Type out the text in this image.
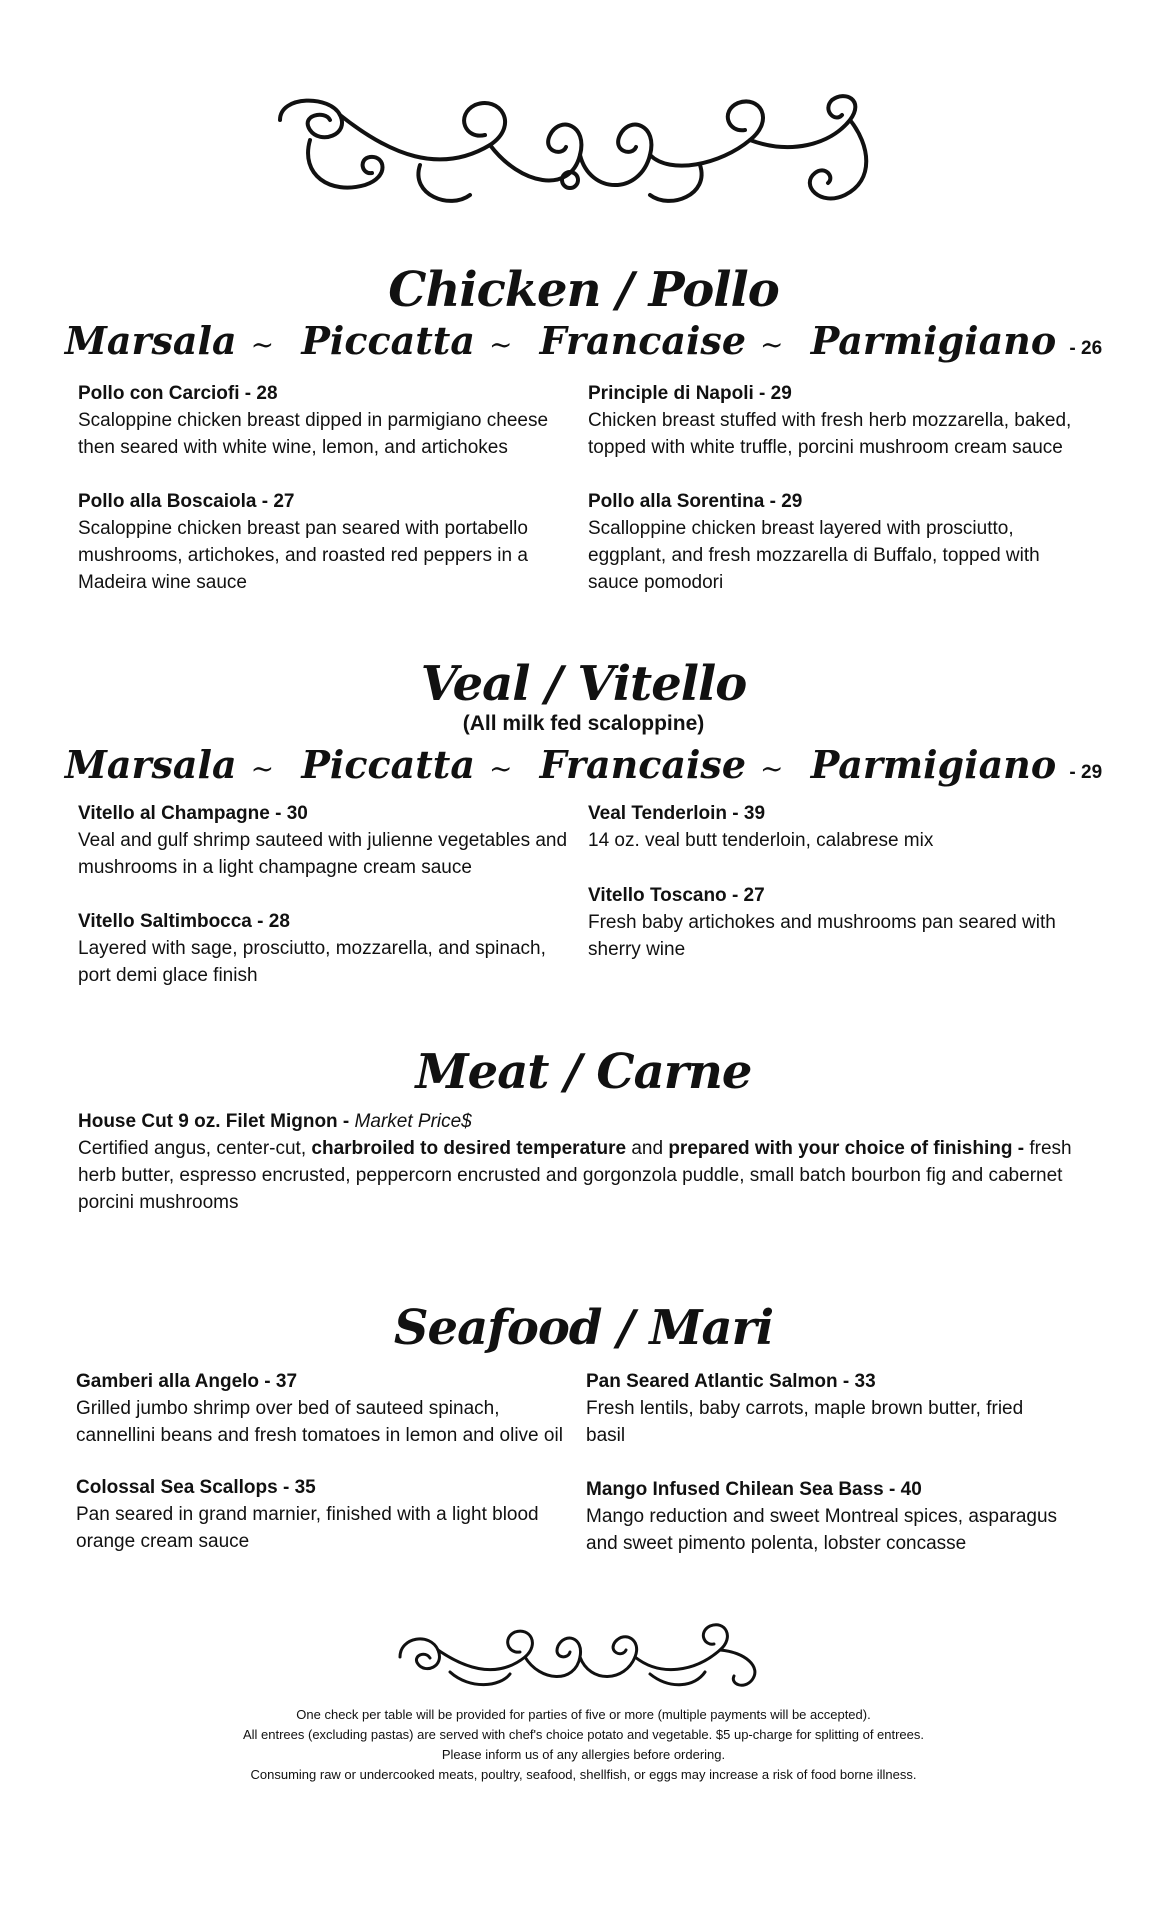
Chicken / Pollo
Marsala ~ Piccatta ~ Francaise ~ Parmigiano - 26
Pollo con Carciofi - 28
Scaloppine chicken breast dipped in parmigiano cheese then seared with white wine, lemon, and artichokes
Principle di Napoli - 29
Chicken breast stuffed with fresh herb mozzarella, baked, topped with white truffle, porcini mushroom cream sauce
Pollo alla Boscaiola - 27
Scaloppine chicken breast pan seared with portabello mushrooms, artichokes, and roasted red peppers in a Madeira wine sauce
Pollo alla Sorentina - 29
Scalloppine chicken breast layered with prosciutto, eggplant, and fresh mozzarella di Buffalo, topped with sauce pomodori
Veal / Vitello
(All milk fed scaloppine)
Marsala ~ Piccatta ~ Francaise ~ Parmigiano - 29
Vitello al Champagne - 30
Veal and gulf shrimp sauteed with julienne vegetables and mushrooms in a light champagne cream sauce
Veal Tenderloin - 39
14 oz. veal butt tenderloin, calabrese mix
Vitello Toscano - 27
Fresh baby artichokes and mushrooms pan seared with sherry wine
Vitello Saltimbocca - 28
Layered with sage, prosciutto, mozzarella, and spinach, port demi glace finish
Meat / Carne
House Cut 9 oz. Filet Mignon - Market Price$
Certified angus, center-cut, charbroiled to desired temperature and prepared with your choice of finishing - fresh herb butter, espresso encrusted, peppercorn encrusted and gorgonzola puddle, small batch bourbon fig and cabernet porcini mushrooms
Seafood / Mari
Gamberi alla Angelo - 37
Grilled jumbo shrimp over bed of sauteed spinach, cannellini beans and fresh tomatoes in lemon and olive oil
Pan Seared Atlantic Salmon - 33
Fresh lentils, baby carrots, maple brown butter, fried basil
Colossal Sea Scallops - 35
Pan seared in grand marnier, finished with a light blood orange cream sauce
Mango Infused Chilean Sea Bass - 40
Mango reduction and sweet Montreal spices, asparagus and sweet pimento polenta, lobster concasse
One check per table will be provided for parties of five or more (multiple payments will be accepted).
All entrees (excluding pastas) are served with chef's choice potato and vegetable. $5 up-charge for splitting of entrees.
Please inform us of any allergies before ordering.
Consuming raw or undercooked meats, poultry, seafood, shellfish, or eggs may increase a risk of food borne illness.
